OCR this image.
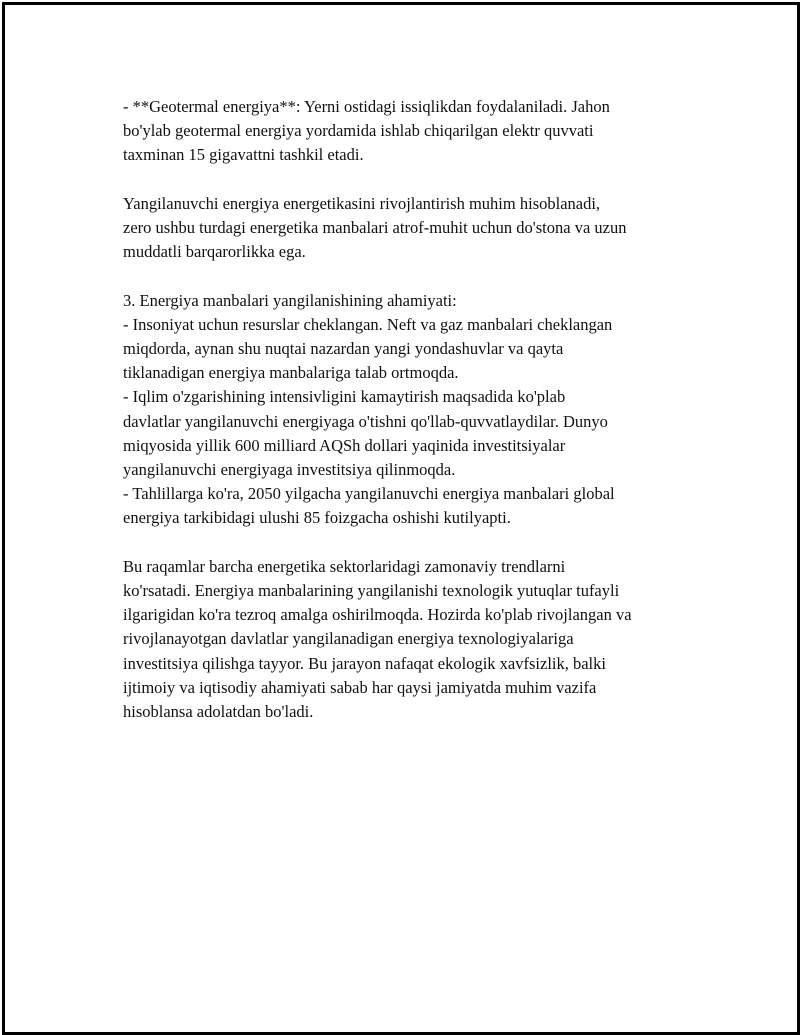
- **Geotermal energiya**: Yerni ostidagi issiqlikdan foydalaniladi. Jahon
bo'ylab geotermal energiya yordamida ishlab chiqarilgan elektr quvvati
taxminan 15 gigavattni tashkil etadi.

Yangilanuvchi energiya energetikasini rivojlantirish muhim hisoblanadi,
zero ushbu turdagi energetika manbalari atrof-muhit uchun do'stona va uzun
muddatli barqarorlikka ega.

3. Energiya manbalari yangilanishining ahamiyati:
- Insoniyat uchun resurslar cheklangan. Neft va gaz manbalari cheklangan
miqdorda, aynan shu nuqtai nazardan yangi yondashuvlar va qayta
tiklanadigan energiya manbalariga talab ortmoqda.
- Iqlim o'zgarishining intensivligini kamaytirish maqsadida ko'plab
davlatlar yangilanuvchi energiyaga o'tishni qo'llab-quvvatlaydilar. Dunyo
miqyosida yillik 600 milliard AQSh dollari yaqinida investitsiyalar
yangilanuvchi energiyaga investitsiya qilinmoqda.
- Tahlillarga ko'ra, 2050 yilgacha yangilanuvchi energiya manbalari global
energiya tarkibidagi ulushi 85 foizgacha oshishi kutilyapti.

Bu raqamlar barcha energetika sektorlaridagi zamonaviy trendlarni
ko'rsatadi. Energiya manbalarining yangilanishi texnologik yutuqlar tufayli
ilgarigidan ko'ra tezroq amalga oshirilmoqda. Hozirda ko'plab rivojlangan va
rivojlanayotgan davlatlar yangilanadigan energiya texnologiyalariga
investitsiya qilishga tayyor. Bu jarayon nafaqat ekologik xavfsizlik, balki
ijtimoiy va iqtisodiy ahamiyati sabab har qaysi jamiyatda muhim vazifa
hisoblansa adolatdan bo'ladi.
